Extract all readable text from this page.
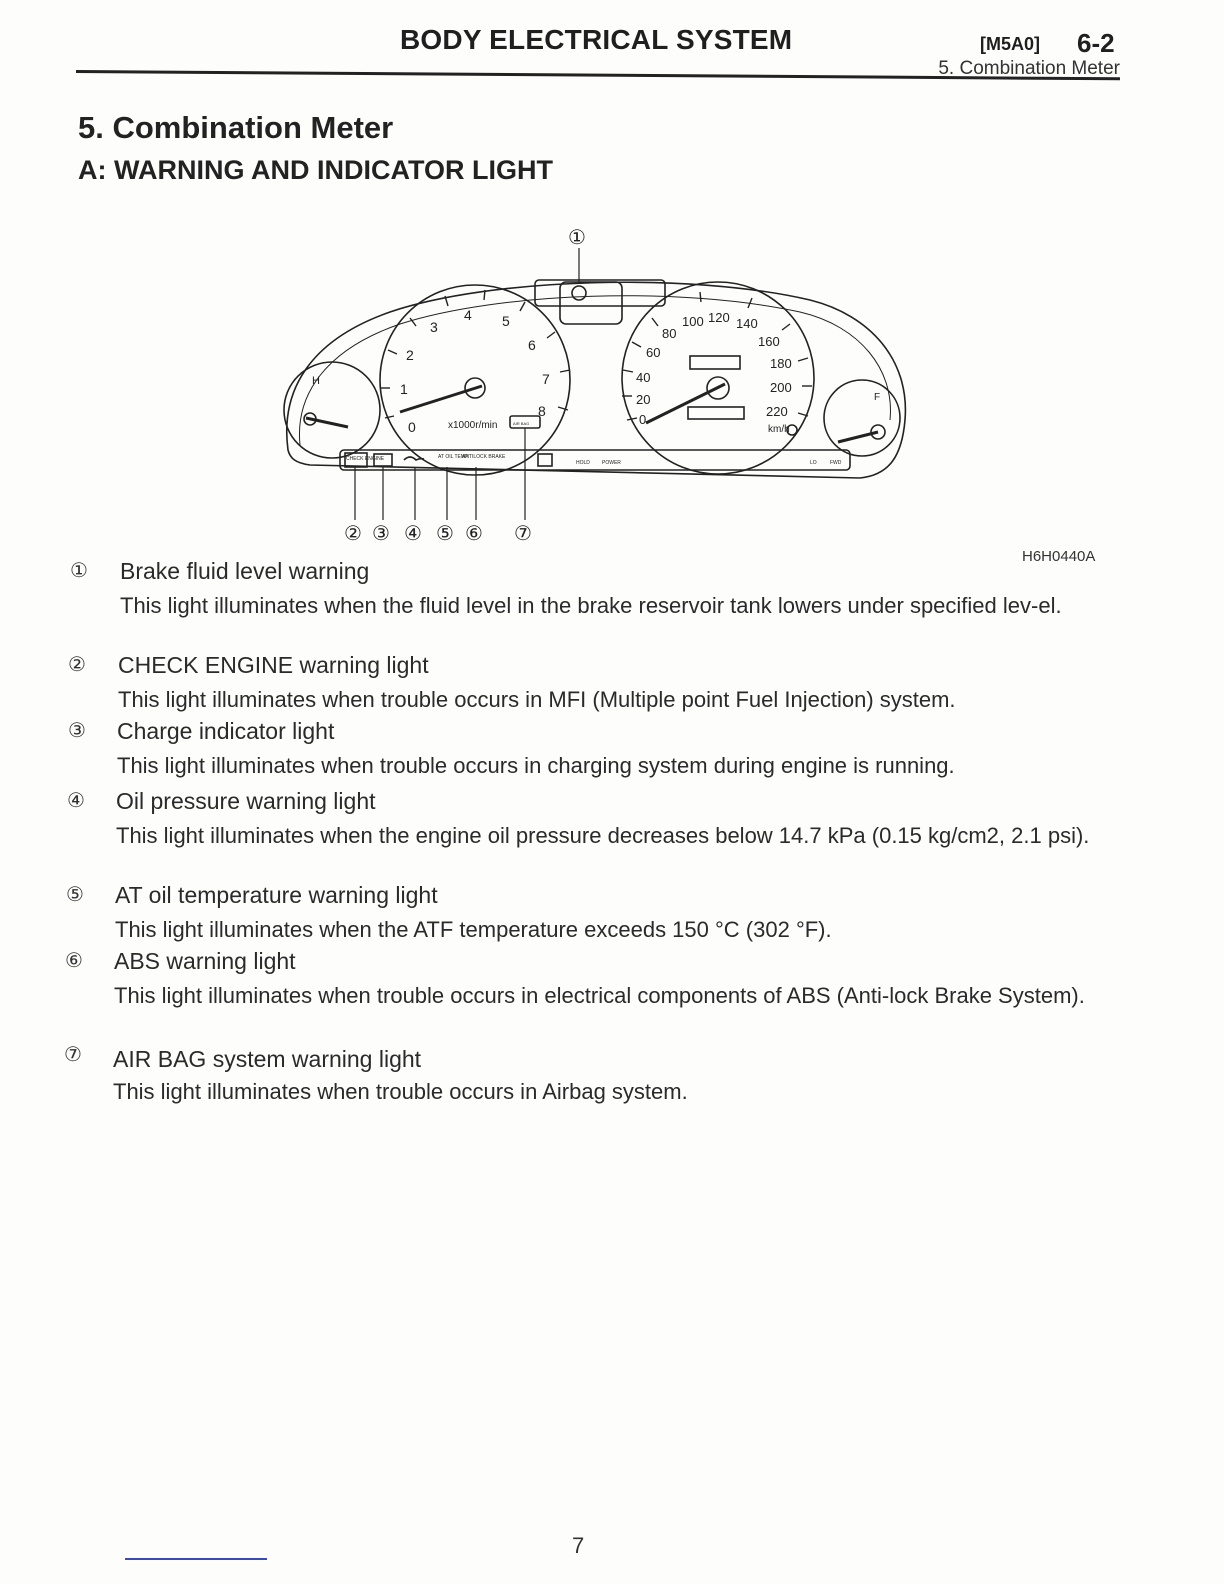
BODY ELECTRICAL SYSTEM	[M5A0] 6-2
5. Combination Meter
5. Combination Meter
A: WARNING AND INDICATOR LIGHT
0
1
2
3
4 5
6
7
8
x1000r/min	0
20
40
60
80
100 120 140
160
180
200
220
km/h
H
F
CHECK ENGINE	AT OIL TEMP
ANTILOCK BRAKE
AIR BAG
HOLD POWER	LO	FWD
①
② ③ ④ ⑤ ⑥ ⑦
H6H0440A
① Brake fluid level warning
This light illuminates when the fluid level in the brake reservoir tank lowers under specified lev-el.
② CHECK ENGINE warning light
This light illuminates when trouble occurs in MFI (Multiple point Fuel Injection) system.
③ Charge indicator light
This light illuminates when trouble occurs in charging system during engine is running.
④ Oil pressure warning light
This light illuminates when the engine oil pressure decreases below 14.7 kPa (0.15 kg/cm2, 2.1 psi).
⑤ AT oil temperature warning light
This light illuminates when the ATF temperature exceeds 150 °C (302 °F).
⑥ ABS warning light
This light illuminates when trouble occurs in electrical components of ABS (Anti-lock Brake System).
⑦ AIR BAG system warning light
This light illuminates when trouble occurs in Airbag system.
7
